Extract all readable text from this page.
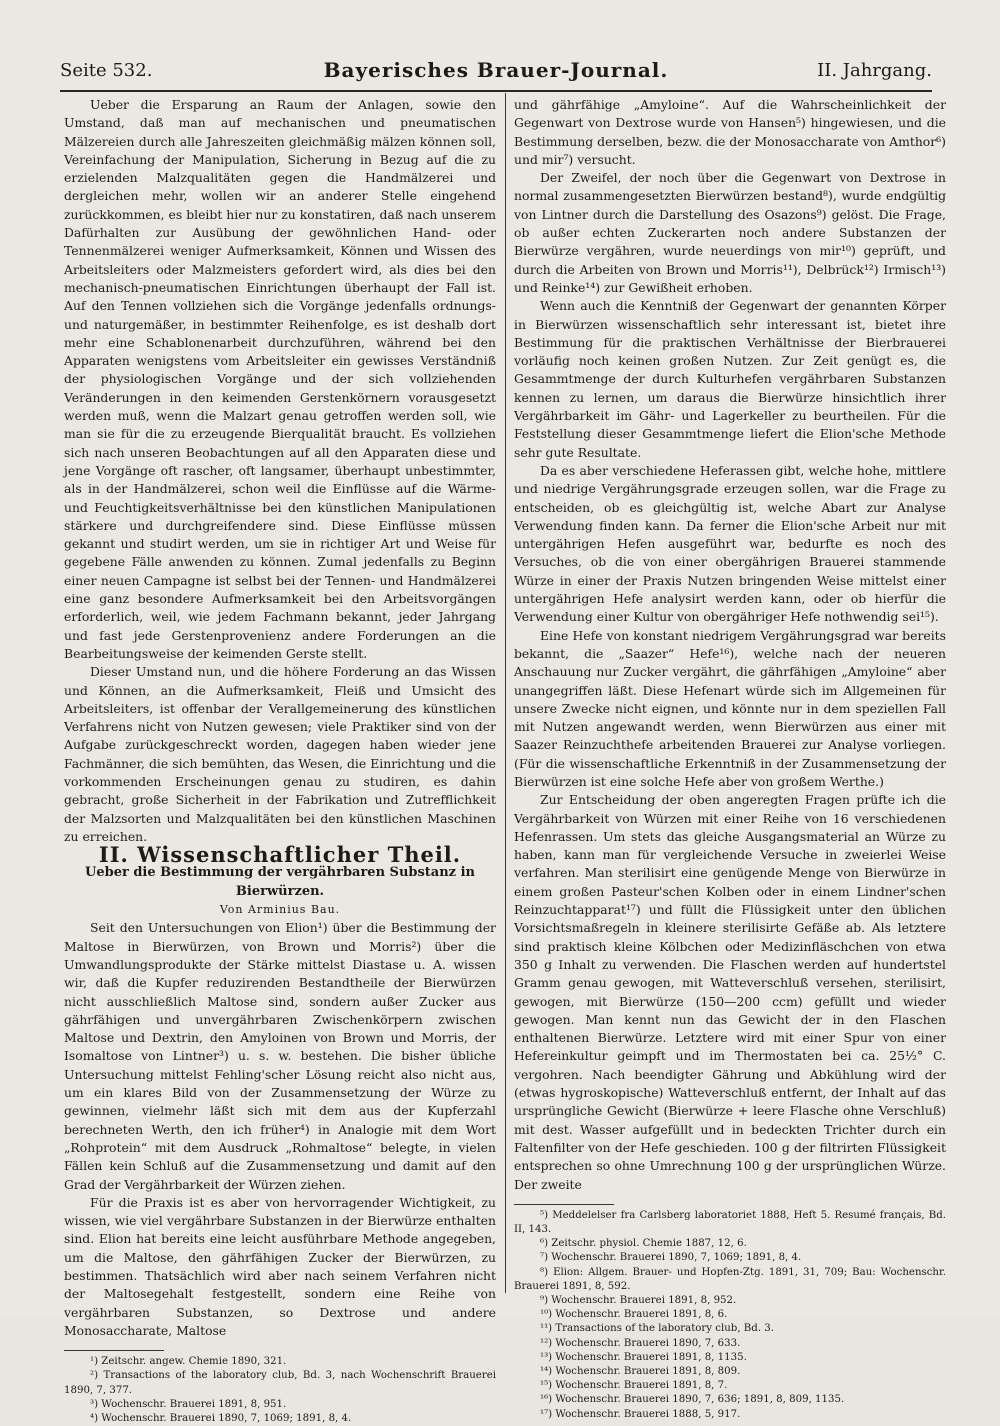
Seite 532.	Bayerisches Brauer-Journal.	II. Jahrgang.

Ueber die Ersparung an Raum der Anlagen, sowie den Umstand, daß man auf mechanischen und pneumatischen Mälzereien durch alle Jahreszeiten gleichmäßig mälzen können soll, Vereinfachung der Manipulation, Sicherung in Bezug auf die zu erzielenden Malzqualitäten gegen die Handmälzerei und dergleichen mehr, wollen wir an anderer Stelle eingehend zurückkommen, es bleibt hier nur zu konstatiren, daß nach unserem Dafürhalten zur Ausübung der gewöhnlichen Hand- oder Tennenmälzerei weniger Aufmerksamkeit, Können und Wissen des Arbeitsleiters oder Malzmeisters gefordert wird, als dies bei den mechanisch-pneumatischen Einrichtungen überhaupt der Fall ist. Auf den Tennen vollziehen sich die Vorgänge jedenfalls ordnungs- und naturgemäßer, in bestimmter Reihenfolge, es ist deshalb dort mehr eine Schablonenarbeit durchzuführen, während bei den Apparaten wenigstens vom Arbeitsleiter ein gewisses Verständniß der physiologischen Vorgänge und der sich vollziehenden Veränderungen in den keimenden Gerstenkörnern vorausgesetzt werden muß, wenn die Malzart genau getroffen werden soll, wie man sie für die zu erzeugende Bierqualität braucht. Es vollziehen sich nach unseren Beobachtungen auf all den Apparaten diese und jene Vorgänge oft rascher, oft langsamer, überhaupt unbestimmter, als in der Handmälzerei, schon weil die Einflüsse auf die Wärme- und Feuchtigkeitsverhältnisse bei den künstlichen Manipulationen stärkere und durchgreifendere sind. Diese Einflüsse müssen gekannt und studirt werden, um sie in richtiger Art und Weise für gegebene Fälle anwenden zu können. Zumal jedenfalls zu Beginn einer neuen Campagne ist selbst bei der Tennen- und Handmälzerei eine ganz besondere Aufmerksamkeit bei den Arbeitsvorgängen erforderlich, weil, wie jedem Fachmann bekannt, jeder Jahrgang und fast jede Gerstenprovenienz andere Forderungen an die Bearbeitungsweise der keimenden Gerste stellt.

Dieser Umstand nun, und die höhere Forderung an das Wissen und Können, an die Aufmerksamkeit, Fleiß und Umsicht des Arbeitsleiters, ist offenbar der Verallgemeinerung des künstlichen Verfahrens nicht von Nutzen gewesen; viele Praktiker sind von der Aufgabe zurückgeschreckt worden, dagegen haben wieder jene Fachmänner, die sich bemühten, das Wesen, die Einrichtung und die vorkommenden Erscheinungen genau zu studiren, es dahin gebracht, große Sicherheit in der Fabrikation und Zutrefflichkeit der Malzsorten und Malzqualitäten bei den künstlichen Maschinen zu erreichen.

II. Wissenschaftlicher Theil.

Ueber die Bestimmung der vergährbaren Substanz in Bierwürzen.

Von Arminius Bau.

Seit den Untersuchungen von Elion¹) über die Bestimmung der Maltose in Bierwürzen, von Brown und Morris²) über die Umwandlungsprodukte der Stärke mittelst Diastase u. A. wissen wir, daß die Kupfer reduzirenden Bestandtheile der Bierwürzen nicht ausschließlich Maltose sind, sondern außer Zucker aus gährfähigen und unvergährbaren Zwischenkörpern zwischen Maltose und Dextrin, den Amyloinen von Brown und Morris, der Isomaltose von Lintner³) u. s. w. bestehen. Die bisher übliche Untersuchung mittelst Fehling'scher Lösung reicht also nicht aus, um ein klares Bild von der Zusammensetzung der Würze zu gewinnen, vielmehr läßt sich mit dem aus der Kupferzahl berechneten Werth, den ich früher⁴) in Analogie mit dem Wort „Rohprotein“ mit dem Ausdruck „Rohmaltose“ belegte, in vielen Fällen kein Schluß auf die Zusammensetzung und damit auf den Grad der Vergährbarkeit der Würzen ziehen.

Für die Praxis ist es aber von hervorragender Wichtigkeit, zu wissen, wie viel vergährbare Substanzen in der Bierwürze enthalten sind. Elion hat bereits eine leicht ausführbare Methode angegeben, um die Maltose, den gährfähigen Zucker der Bierwürzen, zu bestimmen. Thatsächlich wird aber nach seinem Verfahren nicht der Maltosegehalt festgestellt, sondern eine Reihe von vergährbaren Substanzen, so Dextrose und andere Monosaccharate, Maltose

¹) Zeitschr. angew. Chemie 1890, 321.

²) Transactions of the laboratory club, Bd. 3, nach Wochenschrift Brauerei 1890, 7, 377.

³) Wochenschr. Brauerei 1891, 8, 951.

⁴) Wochenschr. Brauerei 1890, 7, 1069; 1891, 8, 4.

und gährfähige „Amyloine“. Auf die Wahrscheinlichkeit der Gegenwart von Dextrose wurde von Hansen⁵) hingewiesen, und die Bestimmung derselben, bezw. die der Monosaccharate von Amthor⁶) und mir⁷) versucht.

Der Zweifel, der noch über die Gegenwart von Dextrose in normal zusammengesetzten Bierwürzen bestand⁸), wurde endgültig von Lintner durch die Darstellung des Osazons⁹) gelöst. Die Frage, ob außer echten Zuckerarten noch andere Substanzen der Bierwürze vergähren, wurde neuerdings von mir¹⁰) geprüft, und durch die Arbeiten von Brown und Morris¹¹), Delbrück¹²) Irmisch¹³) und Reinke¹⁴) zur Gewißheit erhoben.

Wenn auch die Kenntniß der Gegenwart der genannten Körper in Bierwürzen wissenschaftlich sehr interessant ist, bietet ihre Bestimmung für die praktischen Verhältnisse der Bierbrauerei vorläufig noch keinen großen Nutzen. Zur Zeit genügt es, die Gesammtmenge der durch Kulturhefen vergährbaren Substanzen kennen zu lernen, um daraus die Bierwürze hinsichtlich ihrer Vergährbarkeit im Gähr- und Lagerkeller zu beurtheilen. Für die Feststellung dieser Gesammtmenge liefert die Elion'sche Methode sehr gute Resultate.

Da es aber verschiedene Heferassen gibt, welche hohe, mittlere und niedrige Vergährungsgrade erzeugen sollen, war die Frage zu entscheiden, ob es gleichgültig ist, welche Abart zur Analyse Verwendung finden kann. Da ferner die Elion'sche Arbeit nur mit untergährigen Hefen ausgeführt war, bedurfte es noch des Versuches, ob die von einer obergährigen Brauerei stammende Würze in einer der Praxis Nutzen bringenden Weise mittelst einer untergährigen Hefe analysirt werden kann, oder ob hierfür die Verwendung einer Kultur von obergähriger Hefe nothwendig sei¹⁵).

Eine Hefe von konstant niedrigem Vergährungsgrad war bereits bekannt, die „Saazer“ Hefe¹⁶), welche nach der neueren Anschauung nur Zucker vergährt, die gährfähigen „Amyloine“ aber unangegriffen läßt. Diese Hefenart würde sich im Allgemeinen für unsere Zwecke nicht eignen, und könnte nur in dem speziellen Fall mit Nutzen angewandt werden, wenn Bierwürzen aus einer mit Saazer Reinzuchthefe arbeitenden Brauerei zur Analyse vorliegen. (Für die wissenschaftliche Erkenntniß in der Zusammensetzung der Bierwürzen ist eine solche Hefe aber von großem Werthe.)

Zur Entscheidung der oben angeregten Fragen prüfte ich die Vergährbarkeit von Würzen mit einer Reihe von 16 verschiedenen Hefenrassen. Um stets das gleiche Ausgangsmaterial an Würze zu haben, kann man für vergleichende Versuche in zweierlei Weise verfahren. Man sterilisirt eine genügende Menge von Bierwürze in einem großen Pasteur'schen Kolben oder in einem Lindner'schen Reinzuchtapparat¹⁷) und füllt die Flüssigkeit unter den üblichen Vorsichtsmaßregeln in kleinere sterilisirte Gefäße ab. Als letztere sind praktisch kleine Kölbchen oder Medizinfläschchen von etwa 350 g Inhalt zu verwenden. Die Flaschen werden auf hundertstel Gramm genau gewogen, mit Watteverschluß versehen, sterilisirt, gewogen, mit Bierwürze (150—200 ccm) gefüllt und wieder gewogen. Man kennt nun das Gewicht der in den Flaschen enthaltenen Bierwürze. Letztere wird mit einer Spur von einer Hefereinkultur geimpft und im Thermostaten bei ca. 25½° C. vergohren. Nach beendigter Gährung und Abkühlung wird der (etwas hygroskopische) Watteverschluß entfernt, der Inhalt auf das ursprüngliche Gewicht (Bierwürze + leere Flasche ohne Verschluß) mit dest. Wasser aufgefüllt und in bedeckten Trichter durch ein Faltenfilter von der Hefe geschieden. 100 g der filtrirten Flüssigkeit entsprechen so ohne Umrechnung 100 g der ursprünglichen Würze. Der zweite

⁵) Meddelelser fra Carlsberg laboratoriet 1888, Heft 5. Resumé français, Bd. II, 143.

⁶) Zeitschr. physiol. Chemie 1887, 12, 6.

⁷) Wochenschr. Brauerei 1890, 7, 1069; 1891, 8, 4.

⁸) Elion: Allgem. Brauer- und Hopfen-Ztg. 1891, 31, 709; Bau: Wochenschr. Brauerei 1891, 8, 592.

⁹) Wochenschr. Brauerei 1891, 8, 952.

¹⁰) Wochenschr. Brauerei 1891, 8, 6.

¹¹) Transactions of the laboratory club, Bd. 3.

¹²) Wochenschr. Brauerei 1890, 7, 633.

¹³) Wochenschr. Brauerei 1891, 8, 1135.

¹⁴) Wochenschr. Brauerei 1891, 8, 809.

¹⁵) Wochenschr. Brauerei 1891, 8, 7.

¹⁶) Wochenschr. Brauerei 1890, 7, 636; 1891, 8, 809, 1135.

¹⁷) Wochenschr. Brauerei 1888, 5, 917.
